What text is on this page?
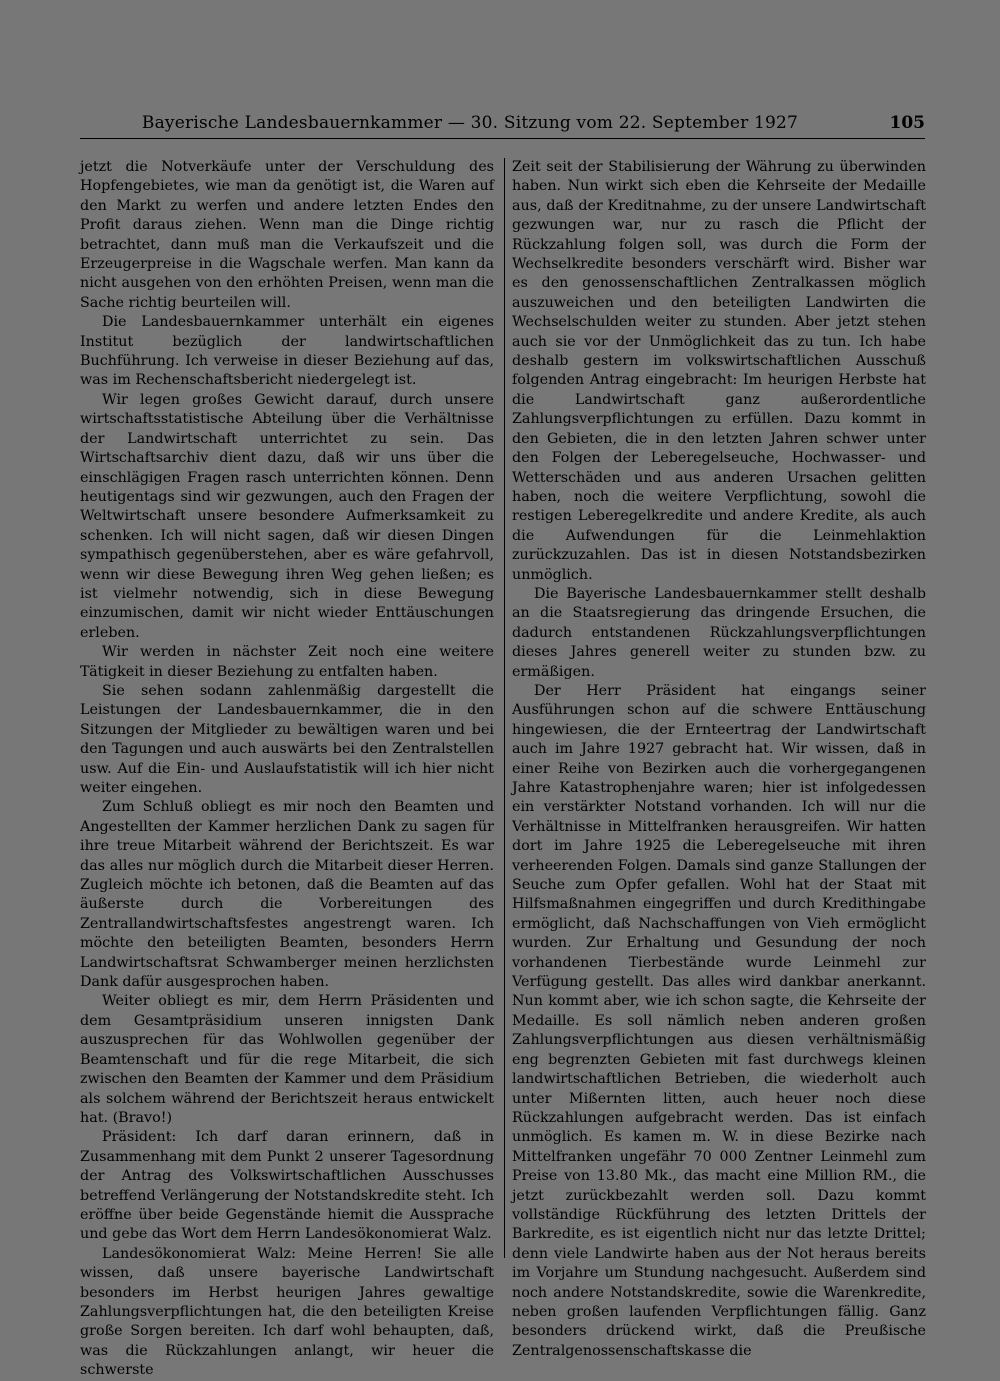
Bayerische Landesbauernkammer — 30. Sitzung vom 22. September 1927	105

jetzt die Notverkäufe unter der Verschuldung des Hopfengebietes, wie man da genötigt ist, die Waren auf den Markt zu werfen und andere letzten Endes den Profit daraus ziehen. Wenn man die Dinge richtig betrachtet, dann muß man die Verkaufszeit und die Erzeugerpreise in die Wagschale werfen. Man kann da nicht ausgehen von den erhöhten Preisen, wenn man die Sache richtig beurteilen will.

Die Landesbauernkammer unterhält ein eigenes Institut bezüglich der landwirtschaftlichen Buchführung. Ich verweise in dieser Beziehung auf das, was im Rechenschaftsbericht niedergelegt ist.

Wir legen großes Gewicht darauf, durch unsere wirtschaftsstatistische Abteilung über die Verhältnisse der Landwirtschaft unterrichtet zu sein. Das Wirtschaftsarchiv dient dazu, daß wir uns über die einschlägigen Fragen rasch unterrichten können. Denn heutigentags sind wir gezwungen, auch den Fragen der Weltwirtschaft unsere besondere Aufmerksamkeit zu schenken. Ich will nicht sagen, daß wir diesen Dingen sympathisch gegenüberstehen, aber es wäre gefahrvoll, wenn wir diese Bewegung ihren Weg gehen ließen; es ist vielmehr notwendig, sich in diese Bewegung einzumischen, damit wir nicht wieder Enttäuschungen erleben.

Wir werden in nächster Zeit noch eine weitere Tätigkeit in dieser Beziehung zu entfalten haben.

Sie sehen sodann zahlenmäßig dargestellt die Leistungen der Landesbauernkammer, die in den Sitzungen der Mitglieder zu bewältigen waren und bei den Tagungen und auch auswärts bei den Zentralstellen usw. Auf die Ein- und Auslaufstatistik will ich hier nicht weiter eingehen.

Zum Schluß obliegt es mir noch den Beamten und Angestellten der Kammer herzlichen Dank zu sagen für ihre treue Mitarbeit während der Berichtszeit. Es war das alles nur möglich durch die Mitarbeit dieser Herren. Zugleich möchte ich betonen, daß die Beamten auf das äußerste durch die Vorbereitungen des Zentrallandwirtschaftsfestes angestrengt waren. Ich möchte den beteiligten Beamten, besonders Herrn Landwirtschaftsrat Schwamberger meinen herzlichsten Dank dafür ausgesprochen haben.

Weiter obliegt es mir, dem Herrn Präsidenten und dem Gesamtpräsidium unseren innigsten Dank auszusprechen für das Wohlwollen gegenüber der Beamtenschaft und für die rege Mitarbeit, die sich zwischen den Beamten der Kammer und dem Präsidium als solchem während der Berichtszeit heraus entwickelt hat. (Bravo!)

Präsident: Ich darf daran erinnern, daß in Zusammenhang mit dem Punkt 2 unserer Tagesordnung der Antrag des Volkswirtschaftlichen Ausschusses betreffend Verlängerung der Notstandskredite steht. Ich eröffne über beide Gegenstände hiemit die Aussprache und gebe das Wort dem Herrn Landesökonomierat Walz.

Landesökonomierat Walz: Meine Herren! Sie alle wissen, daß unsere bayerische Landwirtschaft besonders im Herbst heurigen Jahres gewaltige Zahlungsverpflichtungen hat, die den beteiligten Kreise große Sorgen bereiten. Ich darf wohl behaupten, daß, was die Rückzahlungen anlangt, wir heuer die schwerste

Zeit seit der Stabilisierung der Währung zu überwinden haben. Nun wirkt sich eben die Kehrseite der Medaille aus, daß der Kreditnahme, zu der unsere Landwirtschaft gezwungen war, nur zu rasch die Pflicht der Rückzahlung folgen soll, was durch die Form der Wechselkredite besonders verschärft wird. Bisher war es den genossenschaftlichen Zentralkassen möglich auszuweichen und den beteiligten Landwirten die Wechselschulden weiter zu stunden. Aber jetzt stehen auch sie vor der Unmöglichkeit das zu tun. Ich habe deshalb gestern im volkswirtschaftlichen Ausschuß folgenden Antrag eingebracht: Im heurigen Herbste hat die Landwirtschaft ganz außerordentliche Zahlungsverpflichtungen zu erfüllen. Dazu kommt in den Gebieten, die in den letzten Jahren schwer unter den Folgen der Leberegelseuche, Hochwasser- und Wetterschäden und aus anderen Ursachen gelitten haben, noch die weitere Verpflichtung, sowohl die restigen Leberegelkredite und andere Kredite, als auch die Aufwendungen für die Leinmehlaktion zurückzuzahlen. Das ist in diesen Notstandsbezirken unmöglich.

Die Bayerische Landesbauernkammer stellt deshalb an die Staatsregierung das dringende Ersuchen, die dadurch entstandenen Rückzahlungsverpflichtungen dieses Jahres generell weiter zu stunden bzw. zu ermäßigen.

Der Herr Präsident hat eingangs seiner Ausführungen schon auf die schwere Enttäuschung hingewiesen, die der Ernteertrag der Landwirtschaft auch im Jahre 1927 gebracht hat. Wir wissen, daß in einer Reihe von Bezirken auch die vorhergegangenen Jahre Katastrophenjahre waren; hier ist infolgedessen ein verstärkter Notstand vorhanden. Ich will nur die Verhältnisse in Mittelfranken herausgreifen. Wir hatten dort im Jahre 1925 die Leberegelseuche mit ihren verheerenden Folgen. Damals sind ganze Stallungen der Seuche zum Opfer gefallen. Wohl hat der Staat mit Hilfsmaßnahmen eingegriffen und durch Kredithingabe ermöglicht, daß Nachschaffungen von Vieh ermöglicht wurden. Zur Erhaltung und Gesundung der noch vorhandenen Tierbestände wurde Leinmehl zur Verfügung gestellt. Das alles wird dankbar anerkannt. Nun kommt aber, wie ich schon sagte, die Kehrseite der Medaille. Es soll nämlich neben anderen großen Zahlungsverpflichtungen aus diesen verhältnismäßig eng begrenzten Gebieten mit fast durchwegs kleinen landwirtschaftlichen Betrieben, die wiederholt auch unter Mißernten litten, auch heuer noch diese Rückzahlungen aufgebracht werden. Das ist einfach unmöglich. Es kamen m. W. in diese Bezirke nach Mittelfranken ungefähr 70 000 Zentner Leinmehl zum Preise von 13.80 Mk., das macht eine Million RM., die jetzt zurückbezahlt werden soll. Dazu kommt vollständige Rückführung des letzten Drittels der Barkredite, es ist eigentlich nicht nur das letzte Drittel; denn viele Landwirte haben aus der Not heraus bereits im Vorjahre um Stundung nachgesucht. Außerdem sind noch andere Notstandskredite, sowie die Warenkredite, neben großen laufenden Verpflichtungen fällig. Ganz besonders drückend wirkt, daß die Preußische Zentralgenossenschaftskasse die
